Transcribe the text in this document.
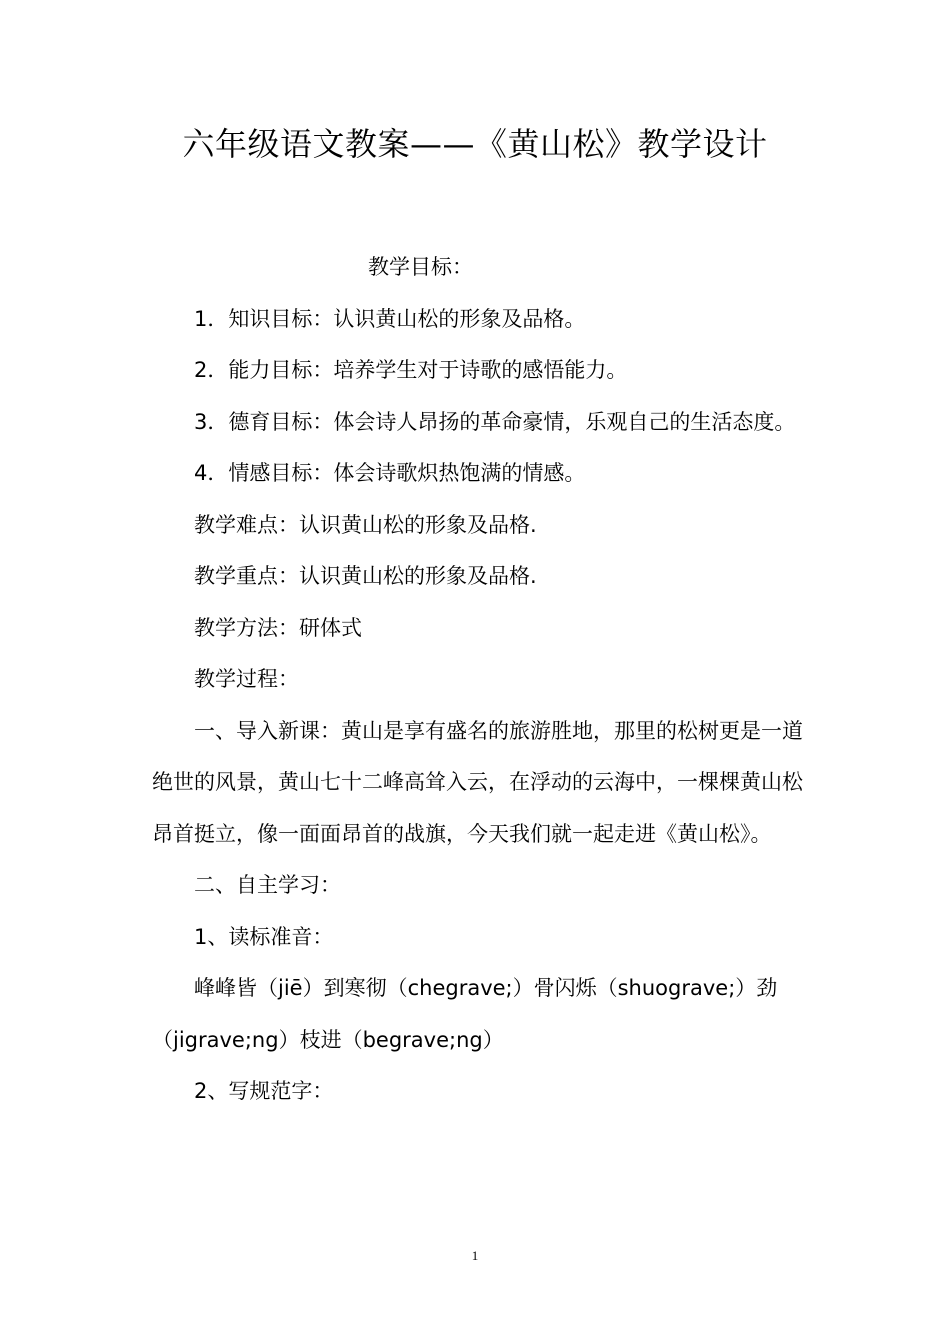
六年级语文教案——《黄山松》教学设计

教学目标：

1．知识目标：认识黄山松的形象及品格。

2．能力目标：培养学生对于诗歌的感悟能力。

3．德育目标：体会诗人昂扬的革命豪情，乐观自己的生活态度。

4．情感目标：体会诗歌炽热饱满的情感。

教学难点：认识黄山松的形象及品格.

教学重点：认识黄山松的形象及品格.

教学方法：研体式

教学过程：

一、导入新课：黄山是享有盛名的旅游胜地，那里的松树更是一道绝世的风景，黄山七十二峰高耸入云，在浮动的云海中，一棵棵黄山松昂首挺立，像一面面昂首的战旗，今天我们就一起走进《黄山松》。

二、自主学习：

1、读标准音：

峰峰皆（jiē）到寒彻（chegrave;）骨闪烁（shuograve;）劲（jigrave;ng）枝进（begrave;ng）

2、写规范字：

1
